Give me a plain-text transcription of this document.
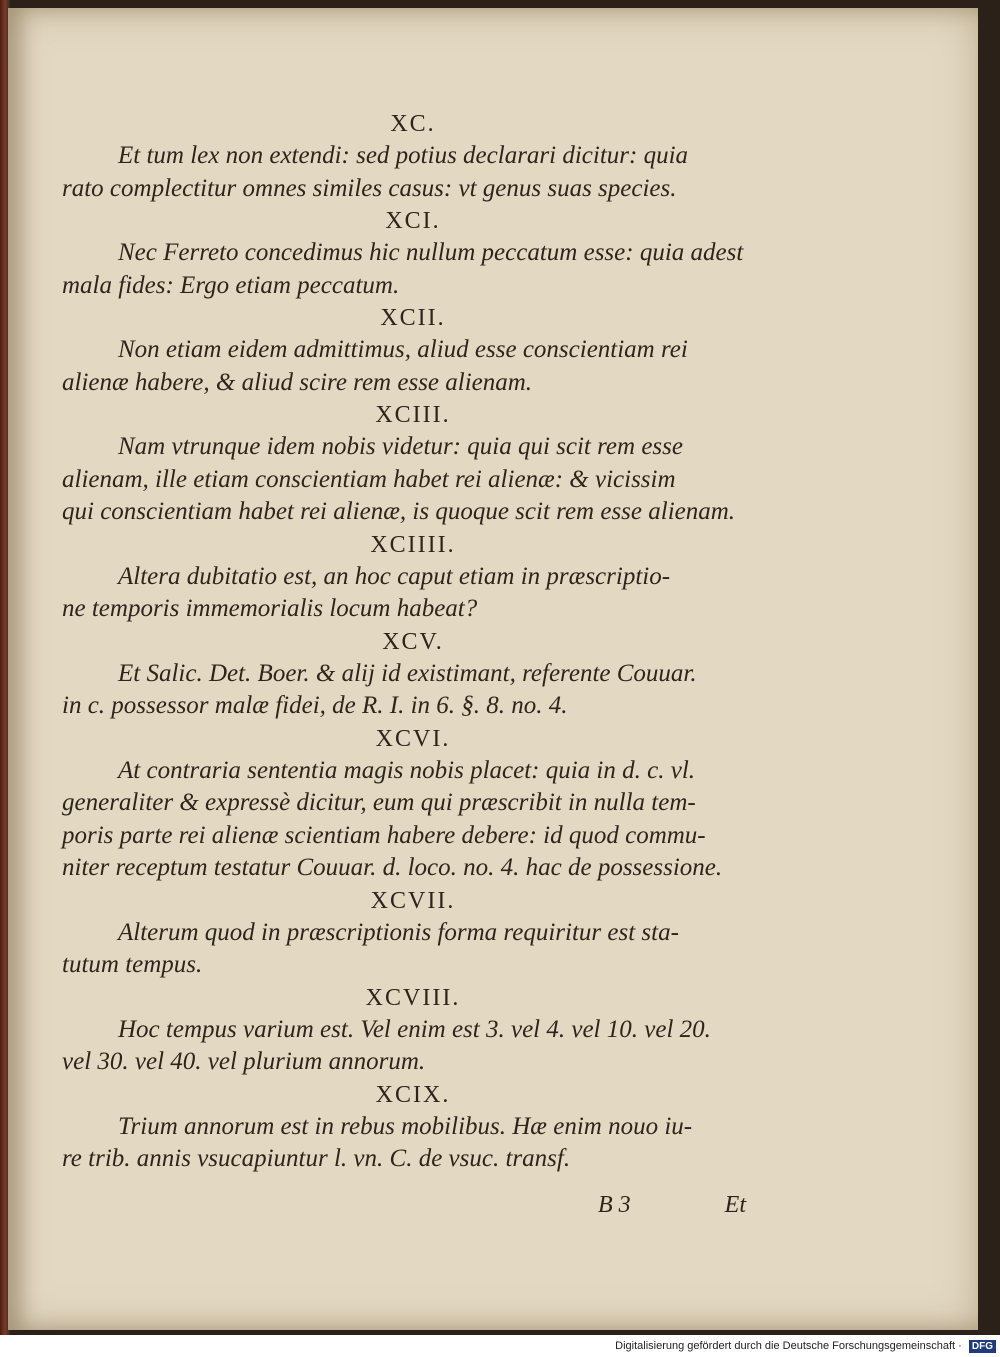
XC.
Et tum lex non extendi: sed potius declarari dicitur: quia
rato complectitur omnes similes casus: vt genus suas species.
XCI.
Nec Ferreto concedimus hic nullum peccatum esse: quia adest
mala fides: Ergo etiam peccatum.
XCII.
Non etiam eidem admittimus, aliud esse conscientiam rei
alienæ habere, & aliud scire rem esse alienam.
XCIII.
Nam vtrunque idem nobis videtur: quia qui scit rem esse
alienam, ille etiam conscientiam habet rei alienæ: & vicissim
qui conscientiam habet rei alienæ, is quoque scit rem esse alienam.
XCIIII.
Altera dubitatio est, an hoc caput etiam in præscriptio-
ne temporis immemorialis locum habeat?
XCV.
Et Salic. Det. Boer. & alij id existimant, referente Couuar.
in c. possessor malæ fidei, de R. I. in 6. §. 8. no. 4.
XCVI.
At contraria sententia magis nobis placet: quia in d. c. vl.
generaliter & expressè dicitur, eum qui præscribit in nulla tem-
poris parte rei alienæ scientiam habere debere: id quod commu-
niter receptum testatur Couuar. d. loco. no. 4. hac de possessione.
XCVII.
Alterum quod in præscriptionis forma requiritur est sta-
tutum tempus.
XCVIII.
Hoc tempus varium est. Vel enim est 3. vel 4. vel 10. vel 20.
vel 30. vel 40. vel plurium annorum.
XCIX.
Trium annorum est in rebus mobilibus. Hæ enim nouo iu-
re trib. annis vsucapiuntur l. vn. C. de vsuc. transf.
B 3	Et
Digitalisierung gefördert durch die Deutsche Forschungsgemeinschaft · DFG
